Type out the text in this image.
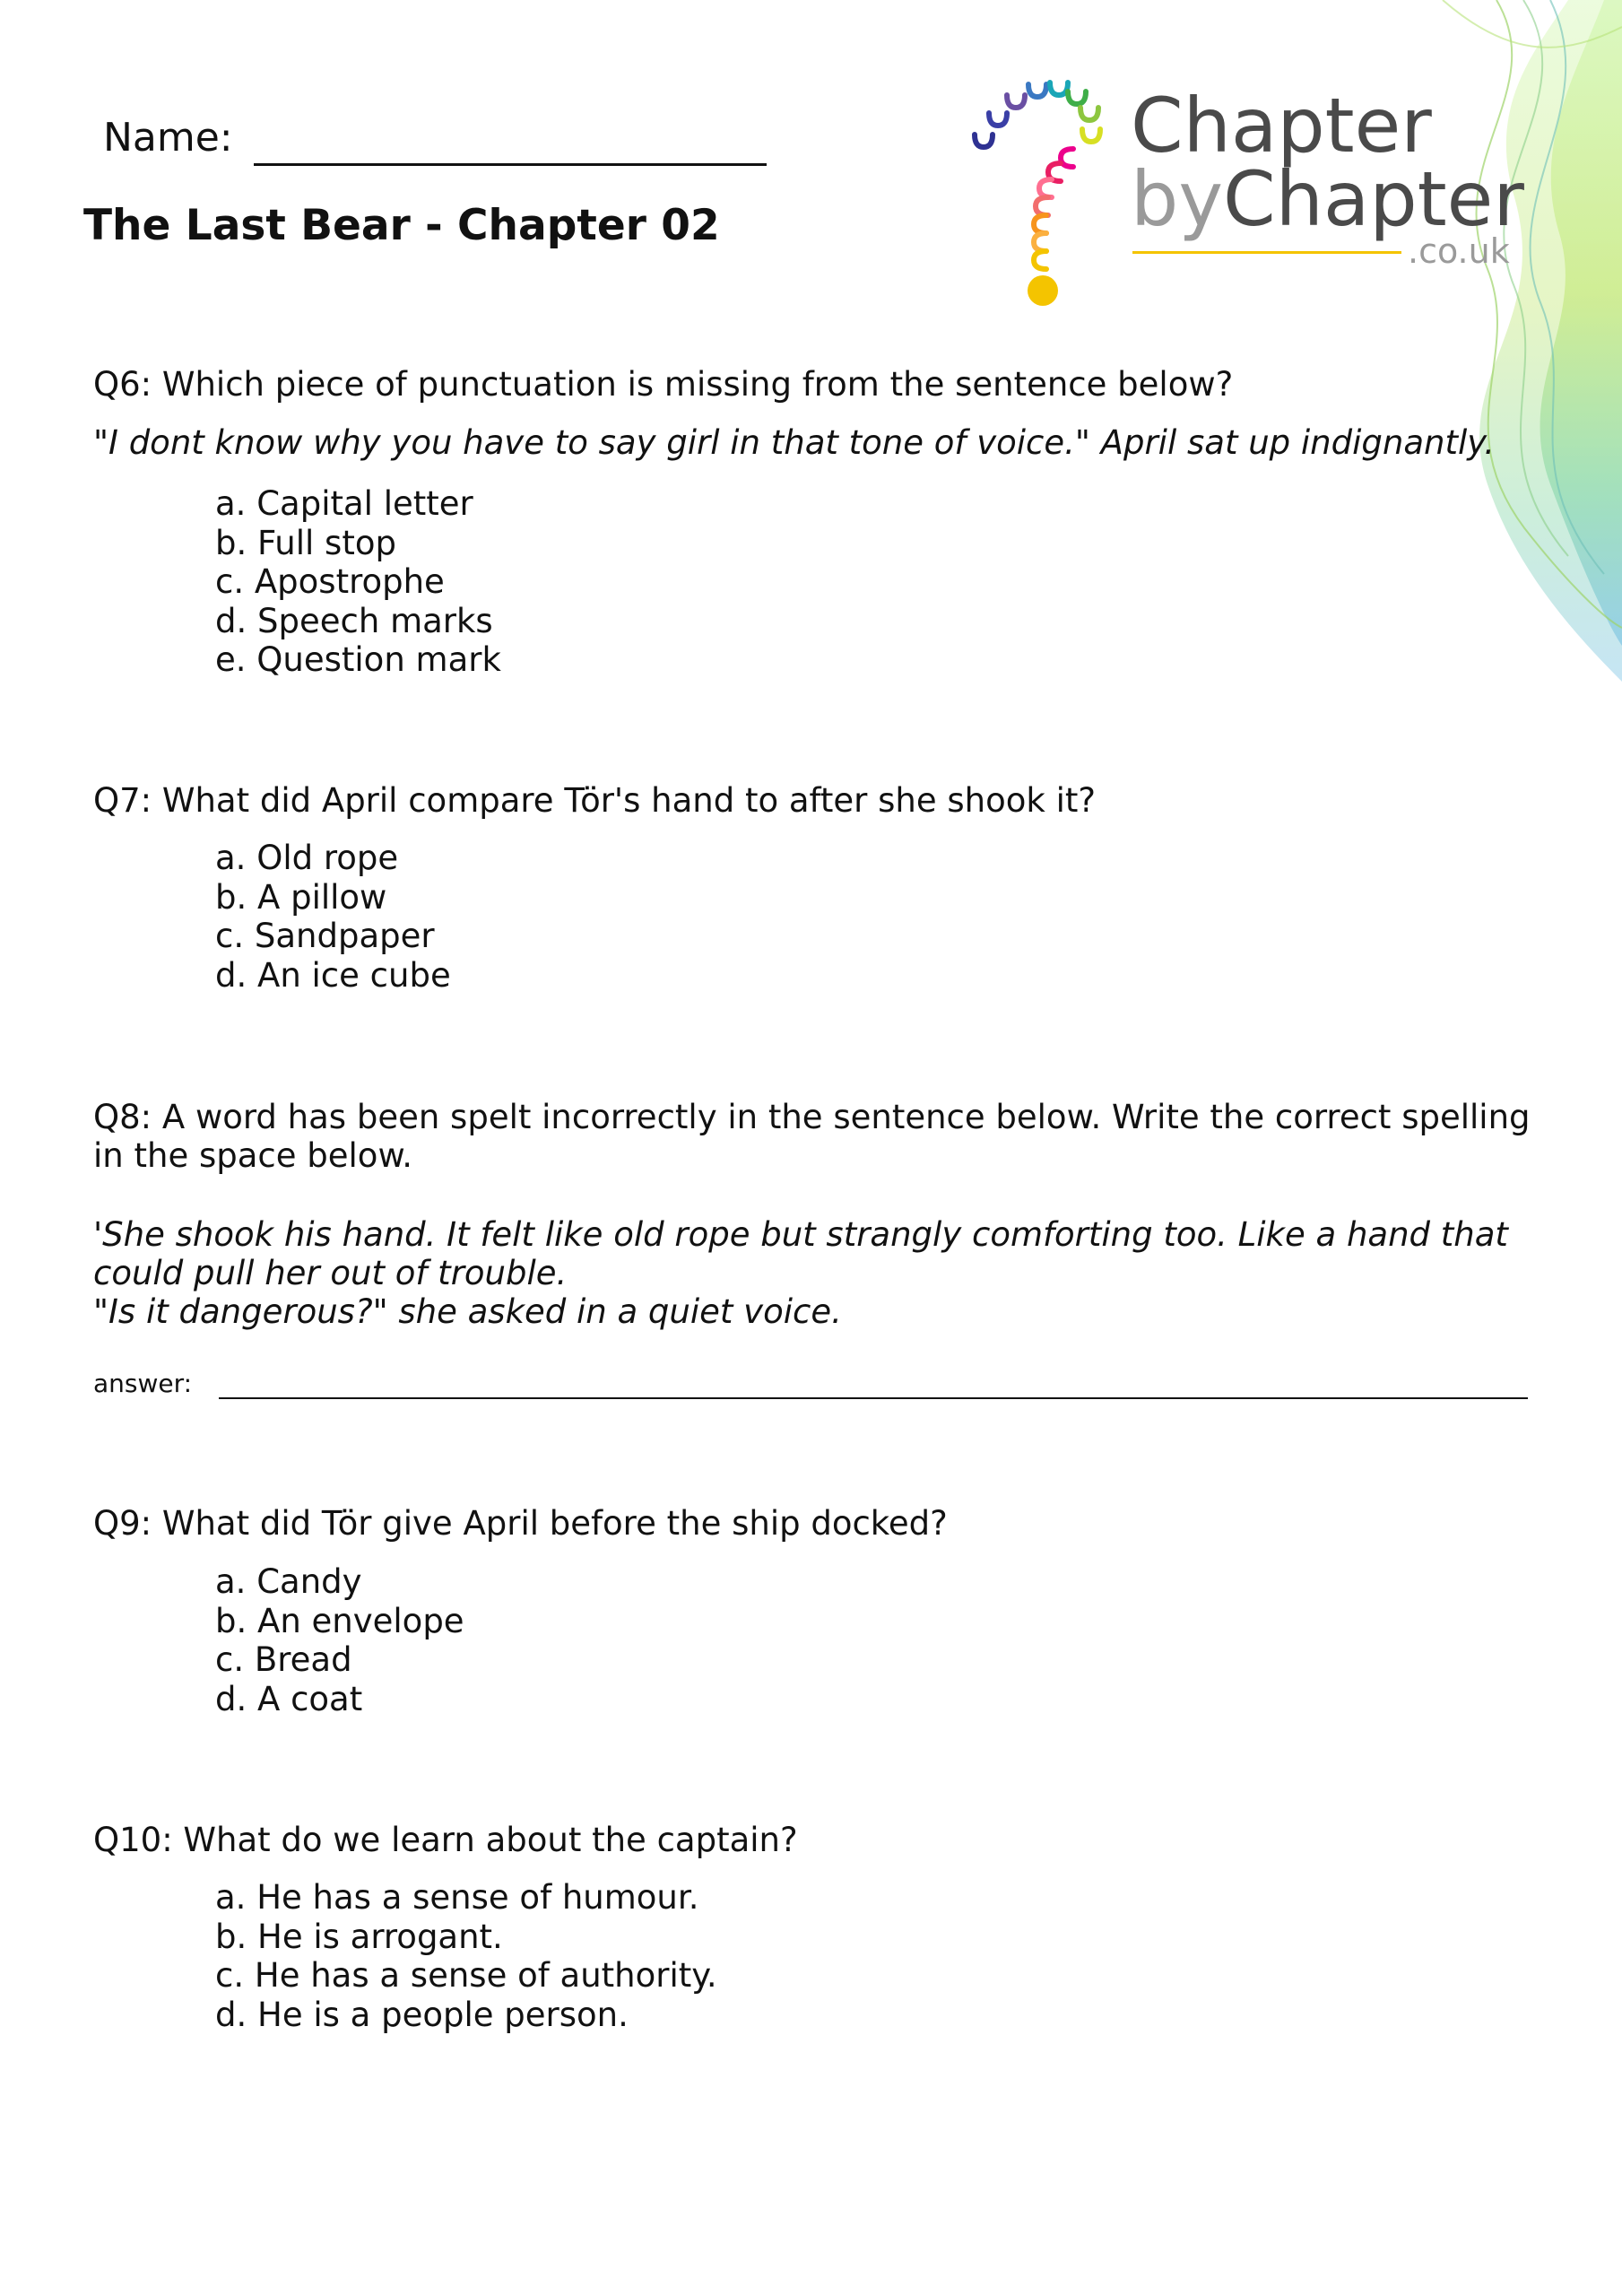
Name:
The Last Bear - Chapter 02
Chapter
byChapter
.co.uk
Q6: Which piece of punctuation is missing from the sentence below?
"I dont know why you have to say girl in that tone of voice." April sat up indignantly.
a. Capital letter
b. Full stop
c. Apostrophe
d. Speech marks
e. Question mark
Q7: What did April compare Tör's hand to after she shook it?
a. Old rope
b. A pillow
c. Sandpaper
d. An ice cube
Q8: A word has been spelt incorrectly in the sentence below. Write the correct spelling
in the space below.
'She shook his hand. It felt like old rope but strangly comforting too. Like a hand that
could pull her out of trouble.
"Is it dangerous?" she asked in a quiet voice.
answer:
Q9: What did Tör give April before the ship docked?
a. Candy
b. An envelope
c. Bread
d. A coat
Q10: What do we learn about the captain?
a. He has a sense of humour.
b. He is arrogant.
c. He has a sense of authority.
d. He is a people person.
